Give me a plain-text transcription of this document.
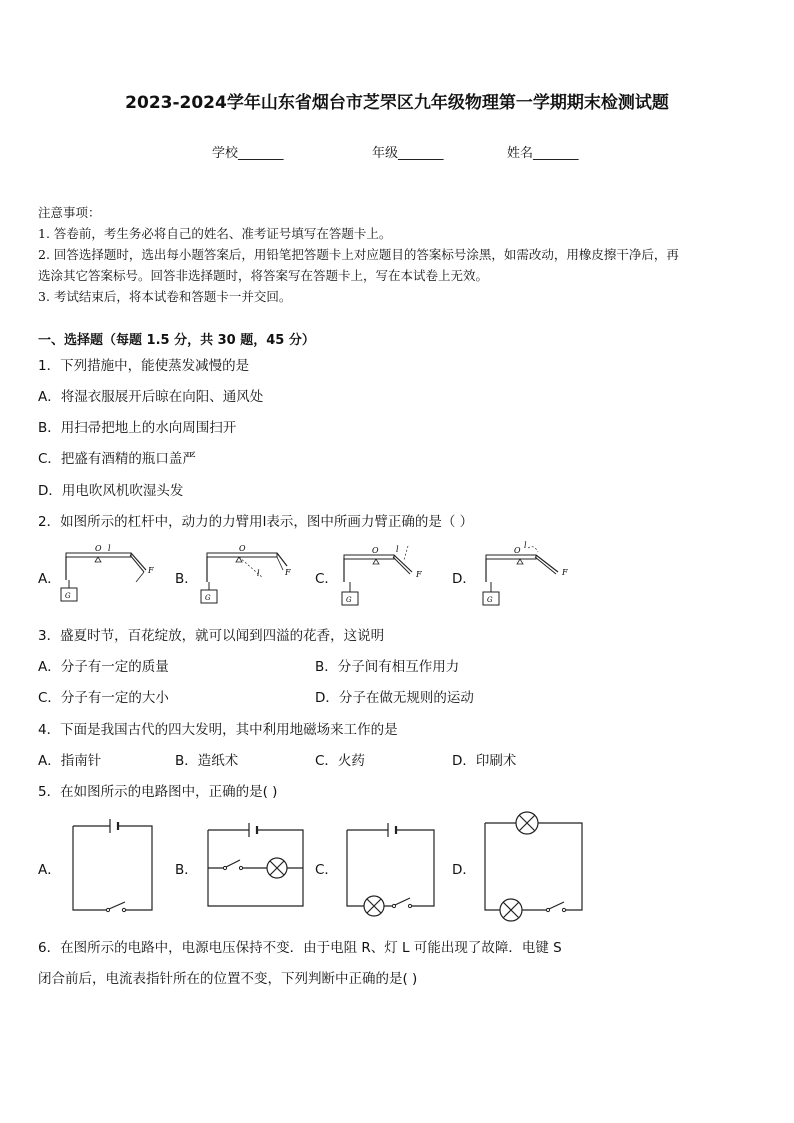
2023-2024学年山东省烟台市芝罘区九年级物理第一学期期末检测试题
学校_______	年级_______	姓名_______
注意事项：
1. 答卷前，考生务必将自己的姓名、准考证号填写在答题卡上。
2. 回答选择题时，选出每小题答案后，用铅笔把答题卡上对应题目的答案标号涂黑，如需改动，用橡皮擦干净后，再
选涂其它答案标号。回答非选择题时，将答案写在答题卡上，写在本试卷上无效。
3. 考试结束后，将本试卷和答题卡一并交回。
一、选择题（每题 1.5 分，共 30 题，45 分）
1．下列措施中，能使蒸发减慢的是
A．将湿衣服展开后晾在向阳、通风处
B．用扫帚把地上的水向周围扫开
C．把盛有酒精的瓶口盖严
D．用电吹风机吹湿头发
2．如图所示的杠杆中，动力的力臂用l表示，图中所画力臂正确的是（ ）
A．	B．	C．	D．
O l
F
G
O
l	F
G
O l
F
G
O
l
F
G
3．盛夏时节，百花绽放，就可以闻到四溢的花香，这说明
A．分子有一定的质量	B．分子间有相互作用力
C．分子有一定的大小	D．分子在做无规则的运动
4．下面是我国古代的四大发明，其中利用地磁场来工作的是
A．指南针	B．造纸术	C．火药	D．印刷术
5．在如图所示的电路图中，正确的是( )
A．	B．	C．	D．
6．在图所示的电路中，电源电压保持不变．由于电阻 R、灯 L 可能出现了故障．电键 S
闭合前后，电流表指针所在的位置不变，下列判断中正确的是( )
